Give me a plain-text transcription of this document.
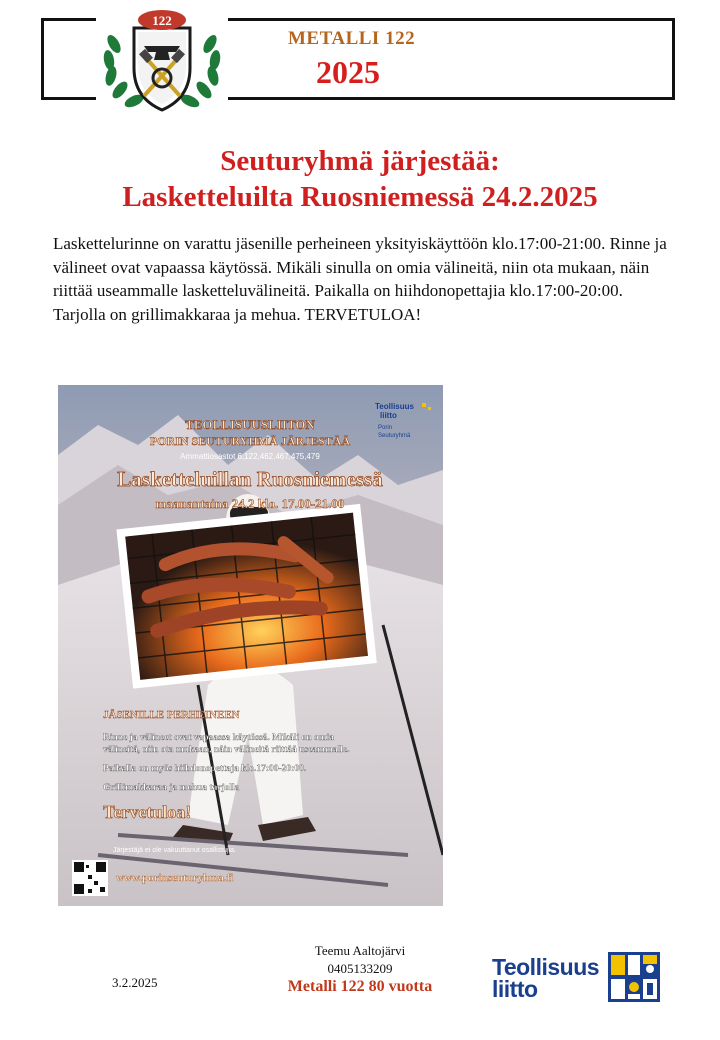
122
METALLI 122
2025
Seuturyhmä järjestää:
Lasketteluilta Ruosniemessä 24.2.2025
Laskettelurinne on varattu jäsenille perheineen yksityiskäyttöön klo.17:00-21:00. Rinne ja välineet ovat vapaassa käytössä. Mikäli sinulla on omia välineitä, niin ota mukaan, näin riittää useammalle lasketteluvälineitä. Paikalla on hiihdonopettajia klo.17:00-20:00. Tarjolla on grillimakkaraa ja mehua. TERVETULOA!
TEOLLISUUSLIITON
PORIN SEUTURYHMÄ JÄRJESTÄÄ
Ammattiosastot 6,122,462,467,475,479
Lasketteluillan Ruosniemessä
maanantaina 24.2 klo. 17.00-21.00
JÄSENILLE PERHEINEEN
Rinne ja välineet ovat vapaassa käytössä. Mikäli on omia
välineitä, niin ota mukaan, näin välineitä riittää useammalle.
Paikalla on myös hiihdonopettaja klo.17:00-20:00.
Grillimakkaraa ja mehua tarjolla
Tervetuloa!
Järjestäjä ei ole vakuuttanut osallistujia.
www.porinseuturyhma.fi
Teollisuus
liitto
Porin
Seuturyhmä
Teemu Aaltojärvi
0405133209
Metalli 122 80 vuotta
3.2.2025
Teollisuus
liitto
